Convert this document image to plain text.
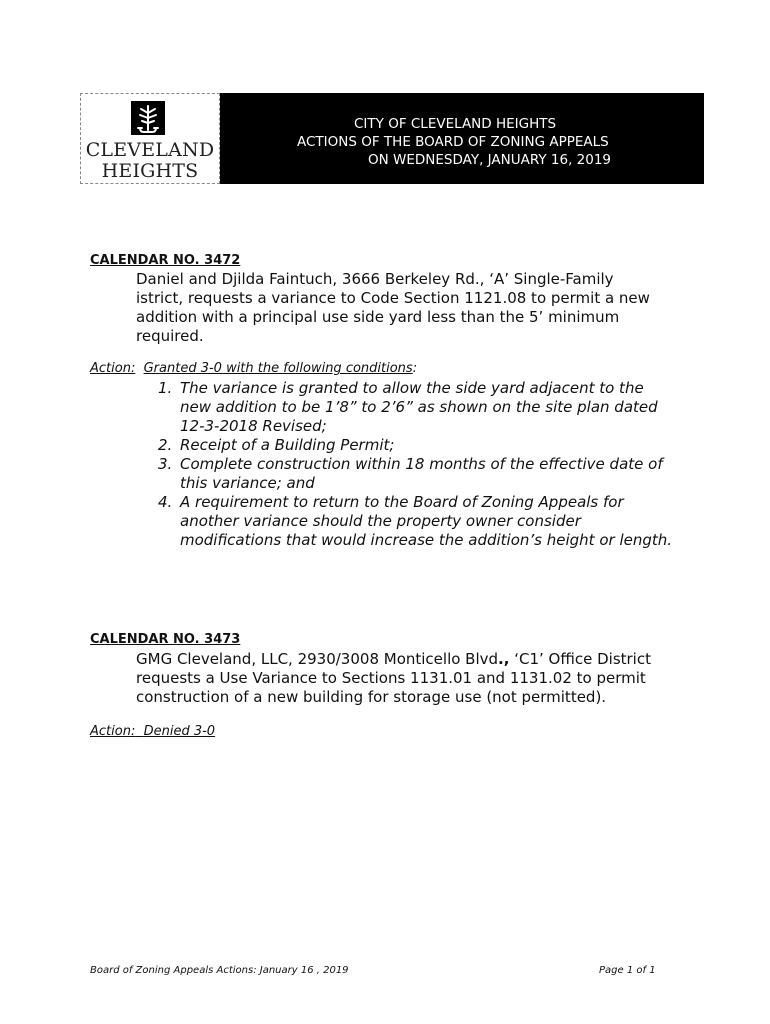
CLEVELAND
HEIGHTS
CITY OF CLEVELAND HEIGHTS
ACTIONS OF THE BOARD OF ZONING APPEALS
ON WEDNESDAY, JANUARY 16, 2019
CALENDAR NO. 3472
Daniel and Djilda Faintuch, 3666 Berkeley Rd., ‘A’ Single-Family
istrict, requests a variance to Code Section 1121.08 to permit a new
addition with a principal use side yard less than the 5’ minimum
required.
Action: Granted 3-0 with the following conditions:
1. The variance is granted to allow the side yard adjacent to the
new addition to be 1’8” to 2’6” as shown on the site plan dated
12-3-2018 Revised;
2. Receipt of a Building Permit;
3. Complete construction within 18 months of the effective date of
this variance; and
4. A requirement to return to the Board of Zoning Appeals for
another variance should the property owner consider
modifications that would increase the addition’s height or length.
CALENDAR NO. 3473
GMG Cleveland, LLC, 2930/3008 Monticello Blvd., ‘C1’ Office District
requests a Use Variance to Sections 1131.01 and 1131.02 to permit
construction of a new building for storage use (not permitted).
Action: Denied 3-0
Board of Zoning Appeals Actions: January 16 , 2019	Page 1 of 1
